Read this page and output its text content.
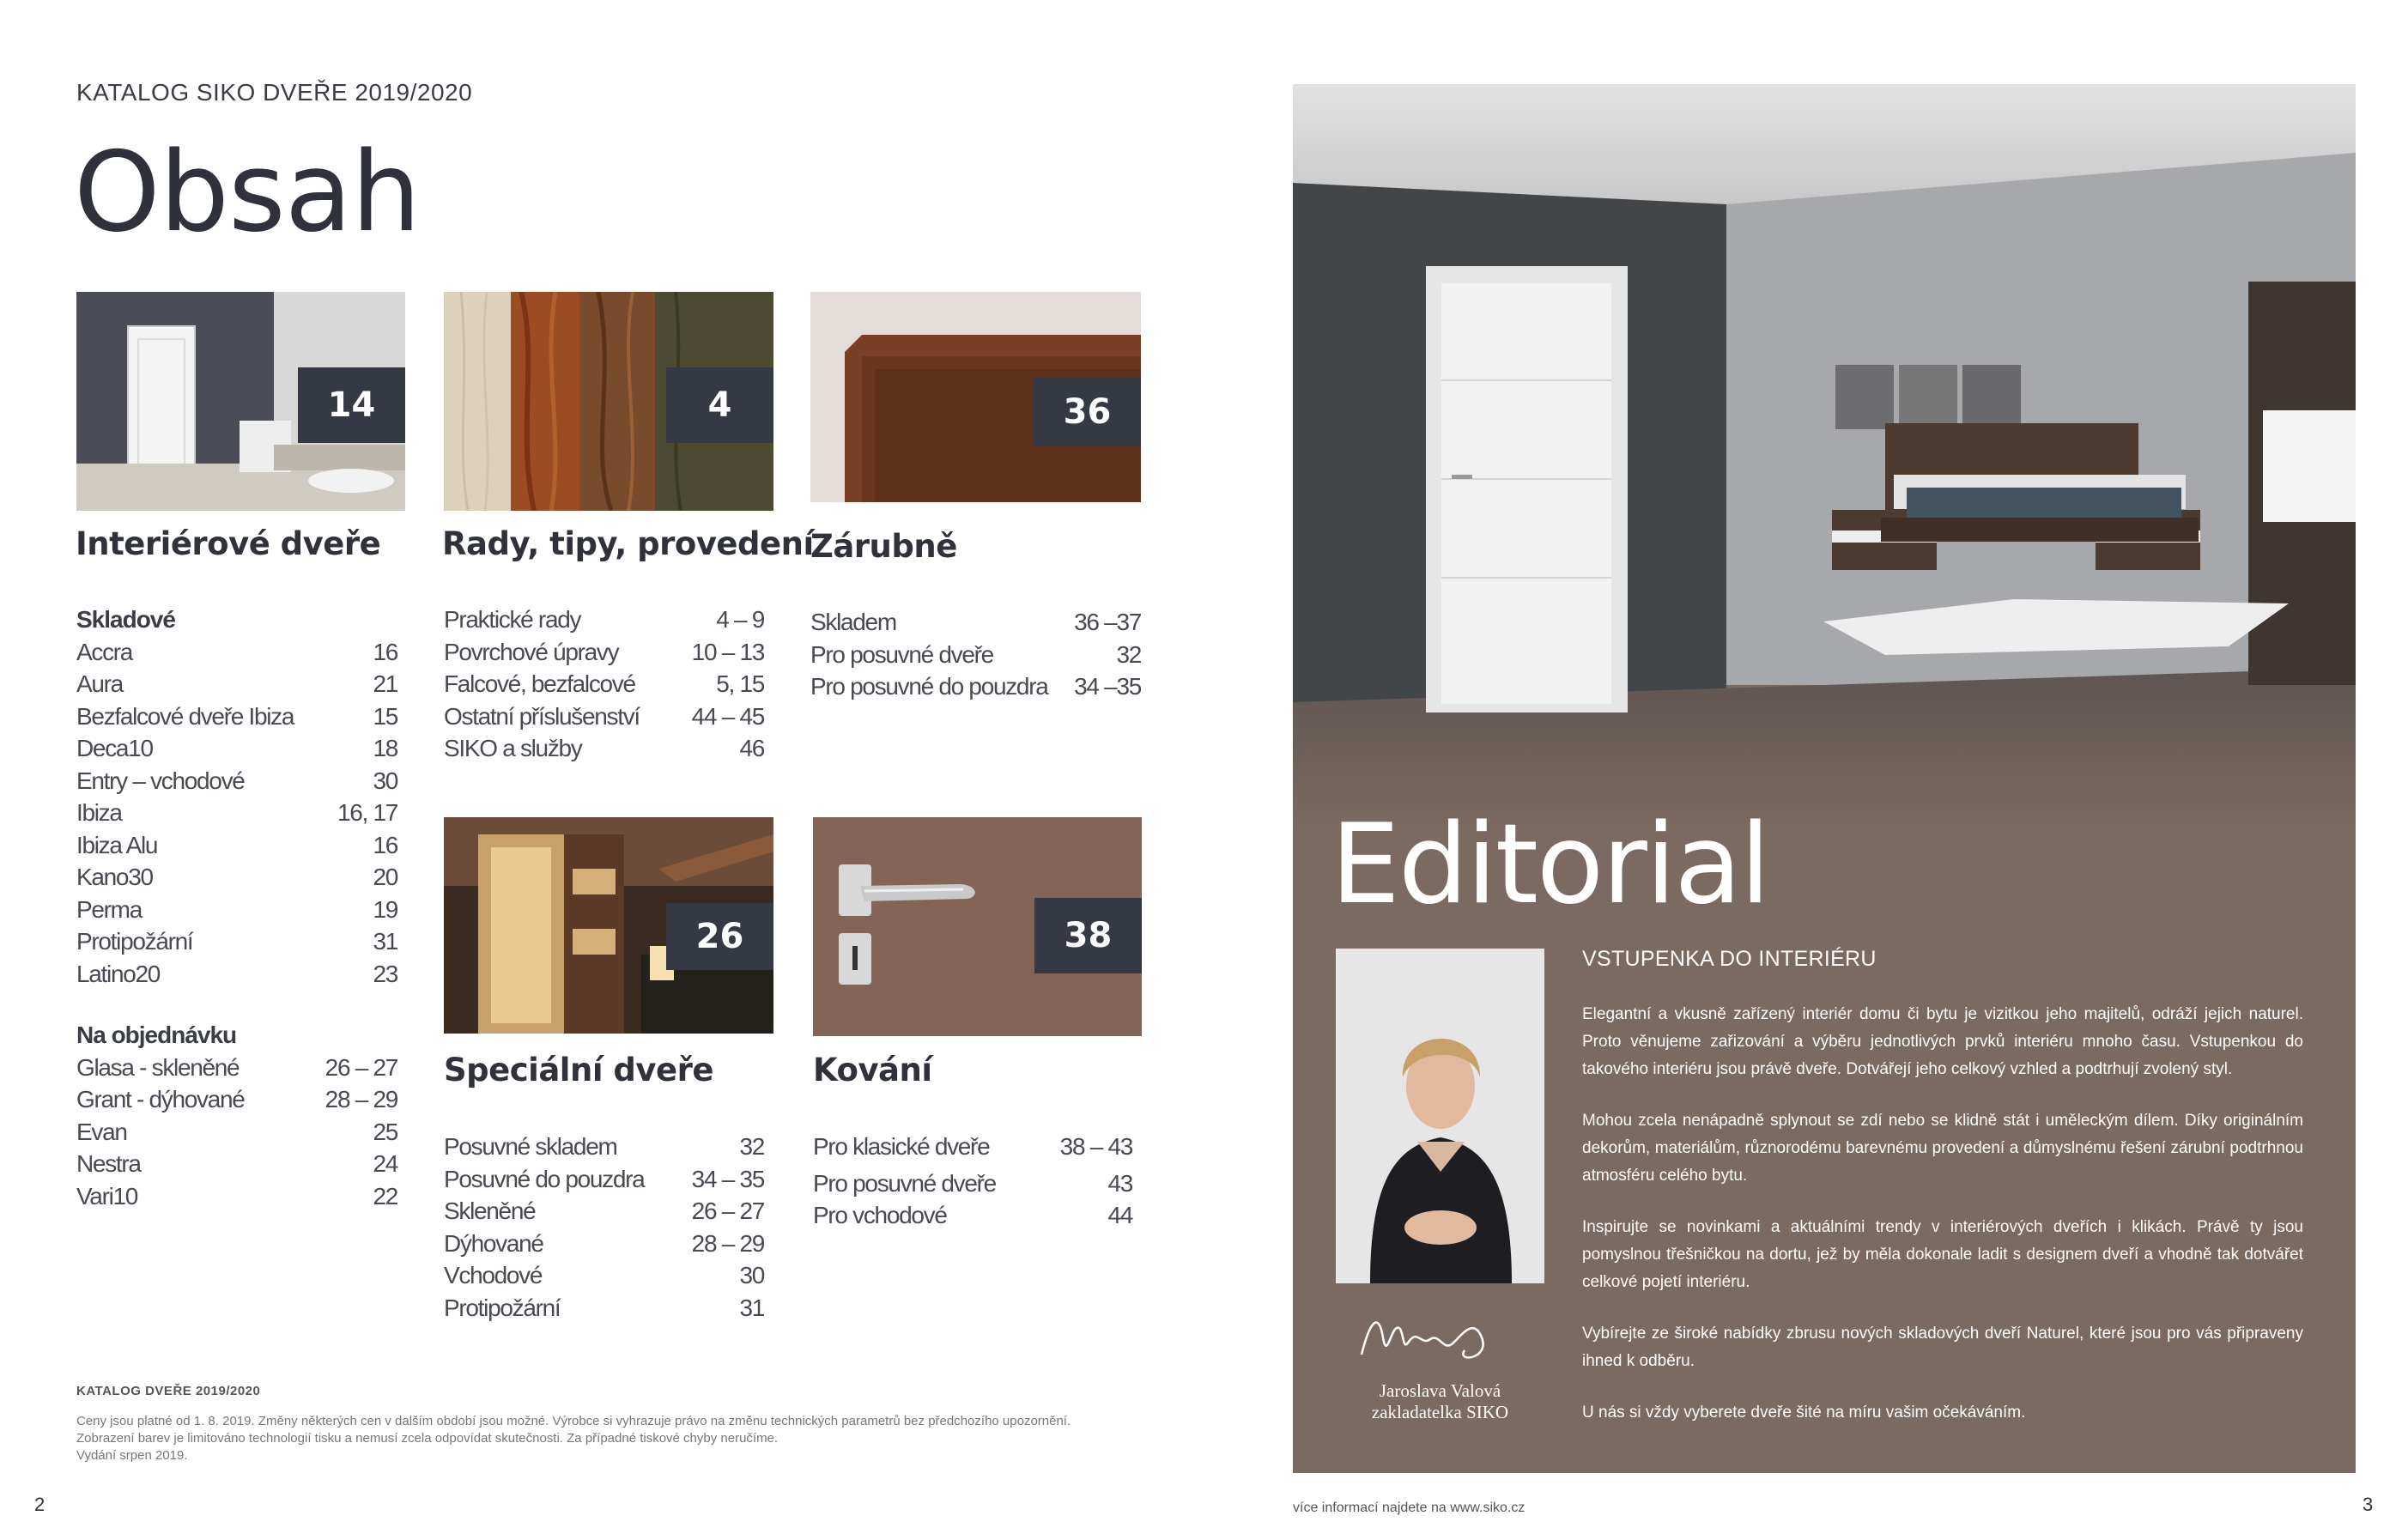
KATALOG SIKO DVEŘE 2019/2020
Obsah
14	4	36
26	38
Interiérové dveře Rady, tipy, provedení
Zárubně
Speciální dveře	Kování
Skladové
Accra	16
Aura	21
Bezfalcové dveře Ibiza	15
Deca10	18
Entry – vchodové	30
Ibiza	16, 17
Ibiza Alu	16
Kano30	20
Perma	19
Protipožární	31
Latino20	23
Na objednávku
Glasa - skleněné	26 – 27
Grant - dýhované	28 – 29
Evan	25
Nestra	24
Vari10	22
Praktické rady	4 – 9
Povrchové úpravy	10 – 13
Falcové, bezfalcové	5, 15
Ostatní příslušenství 44 – 45
SIKO a služby	46
Skladem	36 –37
Pro posuvné dveře	32
Pro posuvné do pouzdra 34 –35
Posuvné skladem	32
Posuvné do pouzdra 34 – 35
Skleněné	26 – 27
Dýhované	28 – 29
Vchodové	30
Protipožární	31
Pro klasické dveře	38 – 43
Pro posuvné dveře	43
Pro vchodové	44
KATALOG DVEŘE 2019/2020
Ceny jsou platné od 1. 8. 2019. Změny některých cen v dalším období jsou možné. Výrobce si vyhrazuje právo na změnu technických parametrů bez předchozího upozornění.
Zobrazení barev je limitováno technologií tisku a nemusí zcela odpovídat skutečnosti. Za případné tiskové chyby neručíme.
Vydání srpen 2019.
2	3
více informací najdete na www.siko.cz
Editorial
Jaroslava Valová
zakladatelka SIKO
VSTUPENKA DO INTERIÉRU

Elegantní a vkusně zařízený interiér domu či bytu je vizitkou jeho majitelů, odráží jejich naturel. Proto věnujeme zařizování a výběru jednotlivých prvků interiéru mnoho času. Vstupenkou do takového interiéru jsou právě dveře. Dotvářejí jeho celkový vzhled a podtrhují zvolený styl.

Mohou zcela nenápadně splynout se zdí nebo se klidně stát i uměleckým dílem. Díky originálním dekorům, materiálům, různorodému barevnému provedení a důmyslnému řešení zárubní podtrhnou atmosféru celého bytu.

Inspirujte se novinkami a aktuálními trendy v interiérových dveřích i klikách. Právě ty jsou pomyslnou třešničkou na dortu, jež by měla dokonale ladit s designem dveří a vhodně tak dotvářet celkové pojetí interiéru.

Vybírejte ze široké nabídky zbrusu nových skladových dveří Naturel, které jsou pro vás připraveny ihned k odběru.

U nás si vždy vyberete dveře šité na míru vašim očekáváním.
